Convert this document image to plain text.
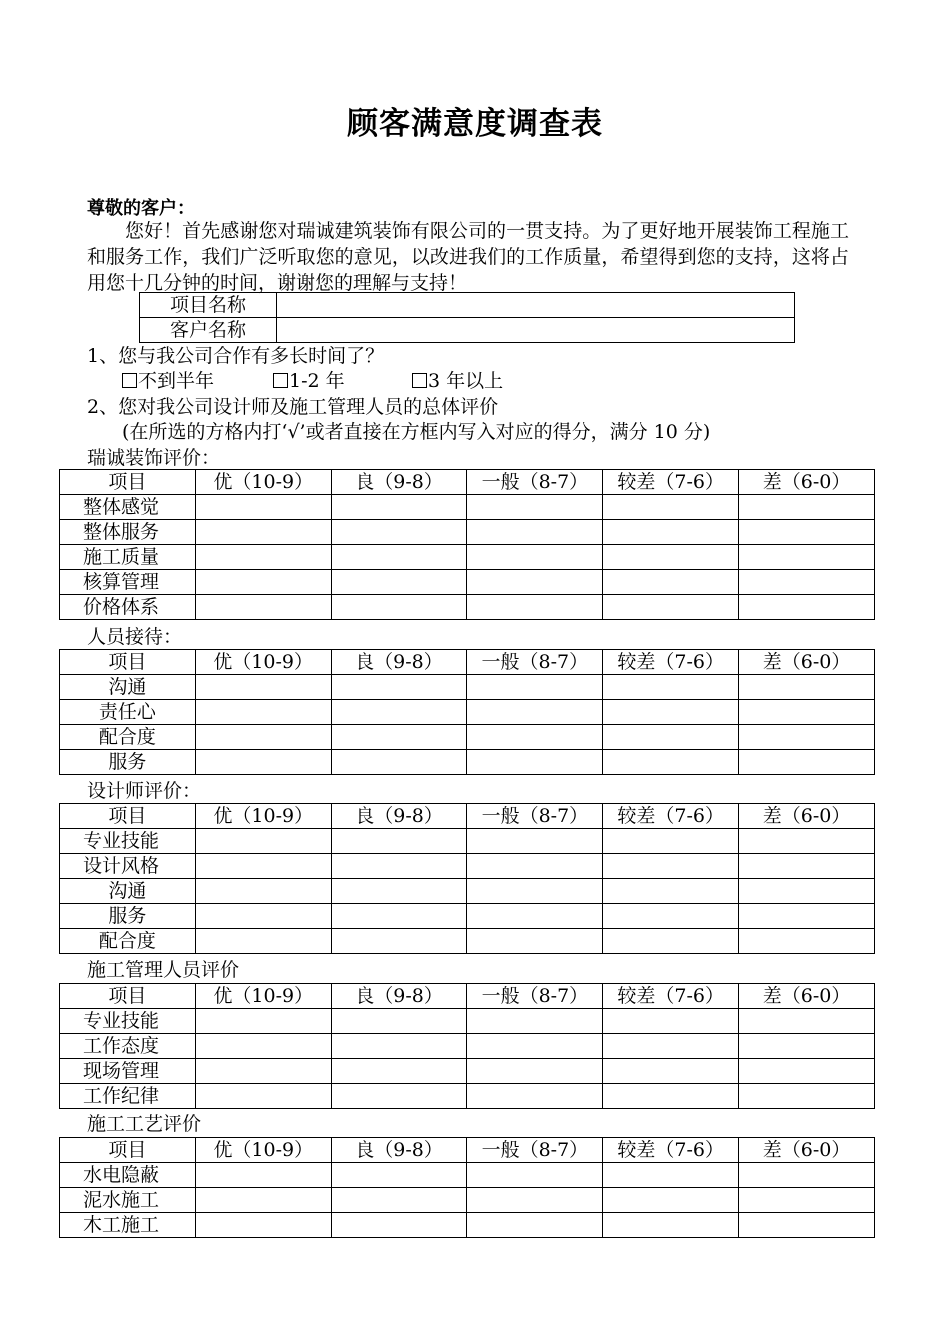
顾客满意度调查表
尊敬的客户：
您好！首先感谢您对瑞诚建筑装饰有限公司的一贯支持。为了更好地开展装饰工程施工和服务工作，我们广泛听取您的意见，以改进我们的工作质量，希望得到您的支持，这将占用您十几分钟的时间，谢谢您的理解与支持！
项目名称	
客户名称	
1、您与我公司合作有多长时间了？
不到半年	1-2 年	3 年以上
2、您对我公司设计师及施工管理人员的总体评价
(在所选的方格内打‘√’或者直接在方框内写入对应的得分，满分 10 分)
瑞诚装饰评价：
项目	优（10-9）	良（9-8）	一般（8-7）	较差（7-6）	差（6-0）
整体感觉					
整体服务					
施工质量					
核算管理					
价格体系					
人员接待：
项目	优（10-9）	良（9-8）	一般（8-7）	较差（7-6）	差（6-0）
沟通					
责任心					
配合度					
服务					
设计师评价：
项目	优（10-9）	良（9-8）	一般（8-7）	较差（7-6）	差（6-0）
专业技能					
设计风格					
沟通					
服务					
配合度					
施工管理人员评价
项目	优（10-9）	良（9-8）	一般（8-7）	较差（7-6）	差（6-0）
专业技能					
工作态度					
现场管理					
工作纪律					
施工工艺评价
项目	优（10-9）	良（9-8）	一般（8-7）	较差（7-6）	差（6-0）
水电隐蔽					
泥水施工					
木工施工					
